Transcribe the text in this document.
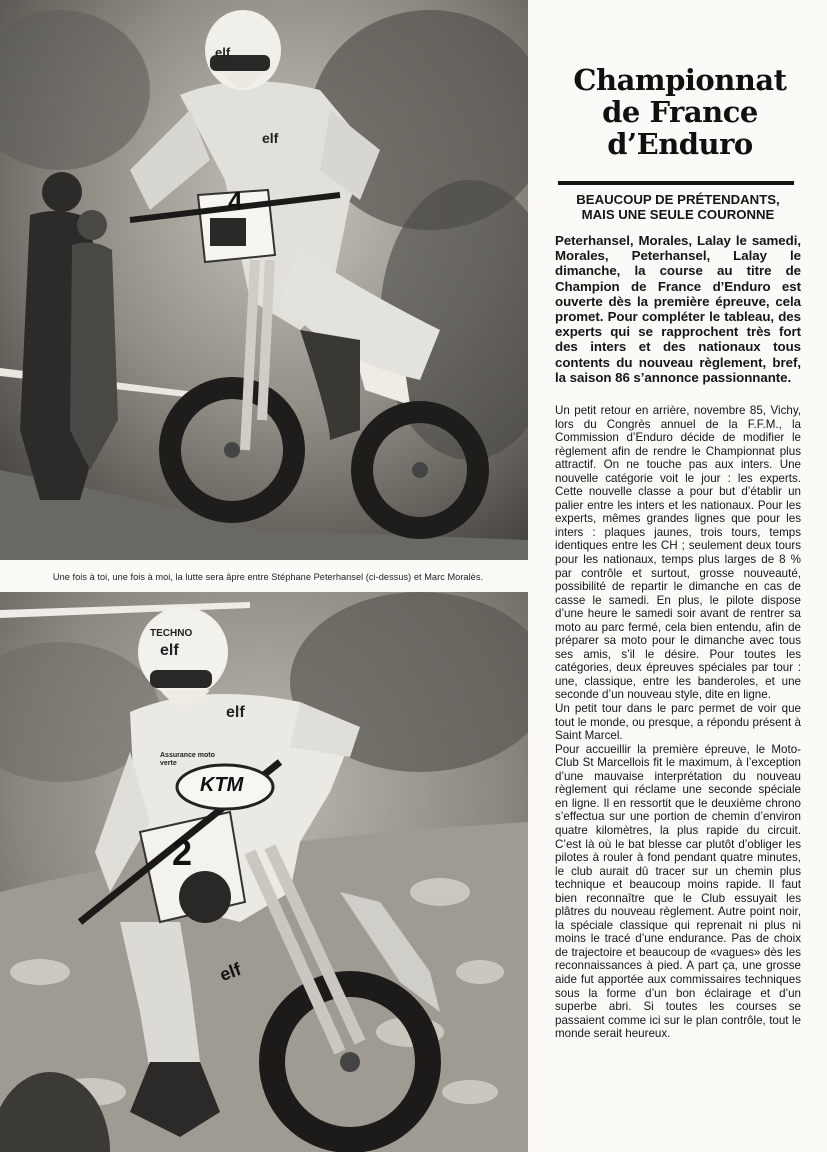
4
elf
elf
Une fois à toi, une fois à moi, la lutte sera âpre entre Stéphane Peterhansel (ci-dessus) et Marc Moralès.
TECHNO
elf
elf
Assurance moto verte
KTM
2
elf
Championnat
de France
d’Enduro
BEAUCOUP DE PRÉTENDANTS,
MAIS UNE SEULE COURONNE
Peterhansel, Morales, Lalay le samedi, Morales, Peterhansel, Lalay le dimanche, la course au titre de Champion de France d’Enduro est ouverte dès la première épreuve, cela promet. Pour compléter le tableau, des experts qui se rapprochent très fort des inters et des nationaux tous contents du nouveau règlement, bref, la saison 86 s’annonce passionnante.

Un petit retour en arrière, novembre 85, Vichy, lors du Congrès annuel de la F.F.M., la Commission d’Enduro décide de modifier le règlement afin de rendre le Championnat plus attractif. On ne touche pas aux inters. Une nouvelle catégorie voit le jour : les experts. Cette nouvelle classe a pour but d’établir un palier entre les inters et les nationaux. Pour les experts, mêmes grandes lignes que pour les inters : plaques jaunes, trois tours, temps identiques entre les CH ; seulement deux tours pour les nationaux, temps plus larges de 8 % par contrôle et surtout, grosse nouveauté, possibilité de repartir le dimanche en cas de casse le samedi. En plus, le pilote dispose d’une heure le samedi soir avant de rentrer sa moto au parc fermé, cela bien entendu, afin de préparer sa moto pour le dimanche avec tous ses amis, s’il le désire. Pour toutes les catégories, deux épreuves spéciales par tour : une, classique, entre les banderoles, et une seconde d’un nouveau style, dite en ligne.

Un petit tour dans le parc permet de voir que tout le monde, ou presque, a répondu présent à Saint Marcel.

Pour accueillir la première épreuve, le Moto-Club St Marcellois fit le maximum, à l’exception d’une mauvaise interprétation du nouveau règlement qui réclame une seconde spéciale en ligne. Il en ressortit que le deuxième chrono s’effectua sur une portion de chemin d’environ quatre kilomètres, la plus rapide du circuit. C’est là où le bat blesse car plutôt d’obliger les pilotes à rouler à fond pendant quatre minutes, le club aurait dû tracer sur un chemin plus technique et beaucoup moins rapide. Il faut bien reconnaître que le Club essuyait les plâtres du nouveau règlement. Autre point noir, la spéciale classique qui reprenait ni plus ni moins le tracé d’une endurance. Pas de choix de trajectoire et beaucoup de «vagues» dès les reconnaissances à pied. A part ça, une grosse aide fut apportée aux commissaires techniques sous la forme d’un bon éclairage et d’un superbe abri. Si toutes les courses se passaient comme ici sur le plan contrôle, tout le monde serait heureux.
